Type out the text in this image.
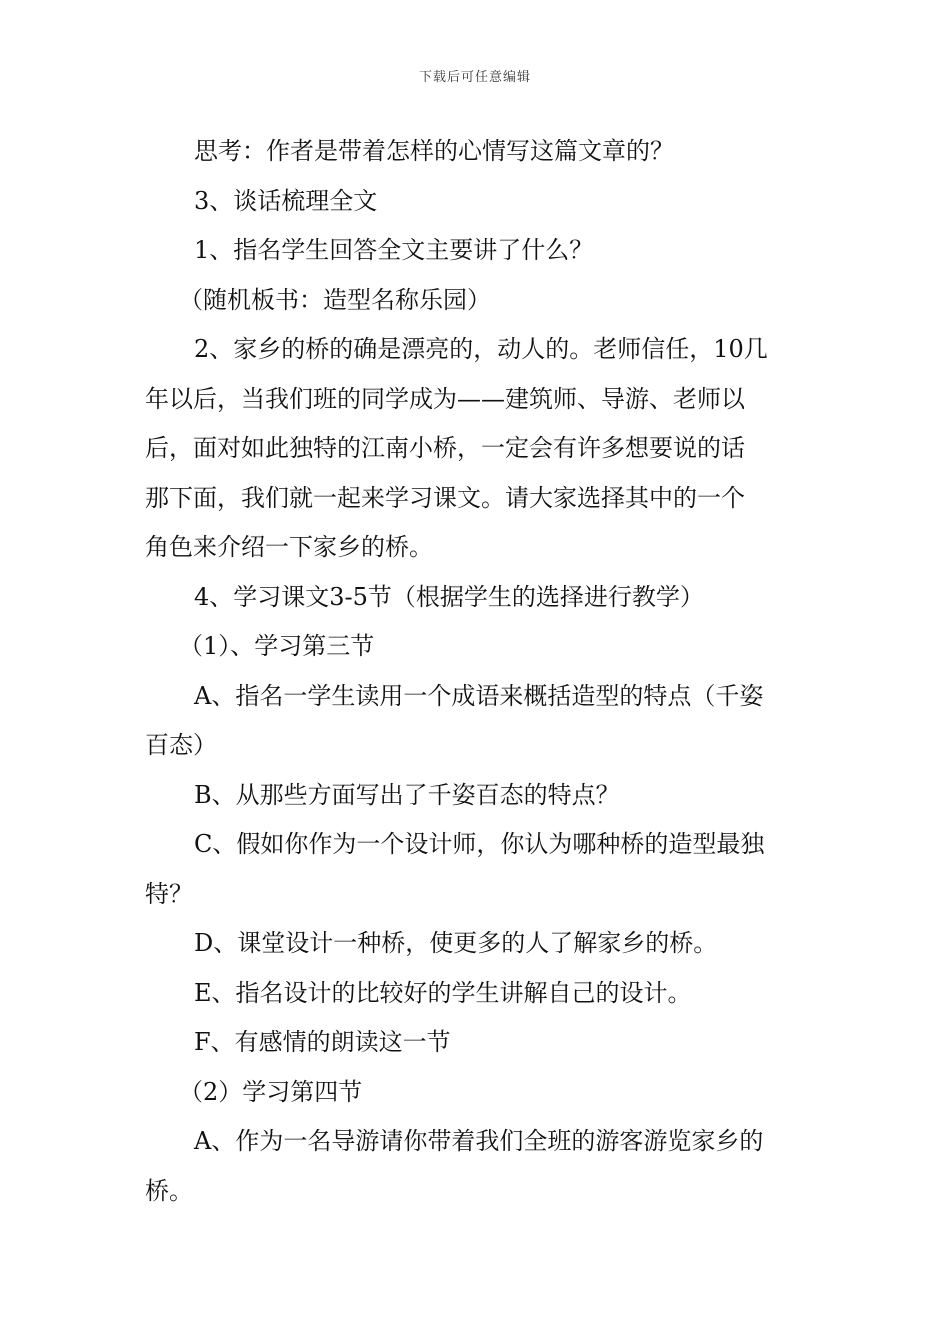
下载后可任意编辑
思考：作者是带着怎样的心情写这篇文章的？
3、谈话梳理全文
1、指名学生回答全文主要讲了什么？
（随机板书：造型名称乐园）
2、家乡的桥的确是漂亮的，动人的。老师信任，10几
年以后，当我们班的同学成为——建筑师、导游、老师以
后，面对如此独特的江南小桥，一定会有许多想要说的话
那下面，我们就一起来学习课文。请大家选择其中的一个
角色来介绍一下家乡的桥。
4、学习课文3-5节（根据学生的选择进行教学）
（1）、学习第三节
A、指名一学生读用一个成语来概括造型的特点（千姿
百态）
B、从那些方面写出了千姿百态的特点？
C、假如你作为一个设计师，你认为哪种桥的造型最独
特？
D、课堂设计一种桥，使更多的人了解家乡的桥。
E、指名设计的比较好的学生讲解自己的设计。
F、有感情的朗读这一节
（2）学习第四节
A、作为一名导游请你带着我们全班的游客游览家乡的
桥。
